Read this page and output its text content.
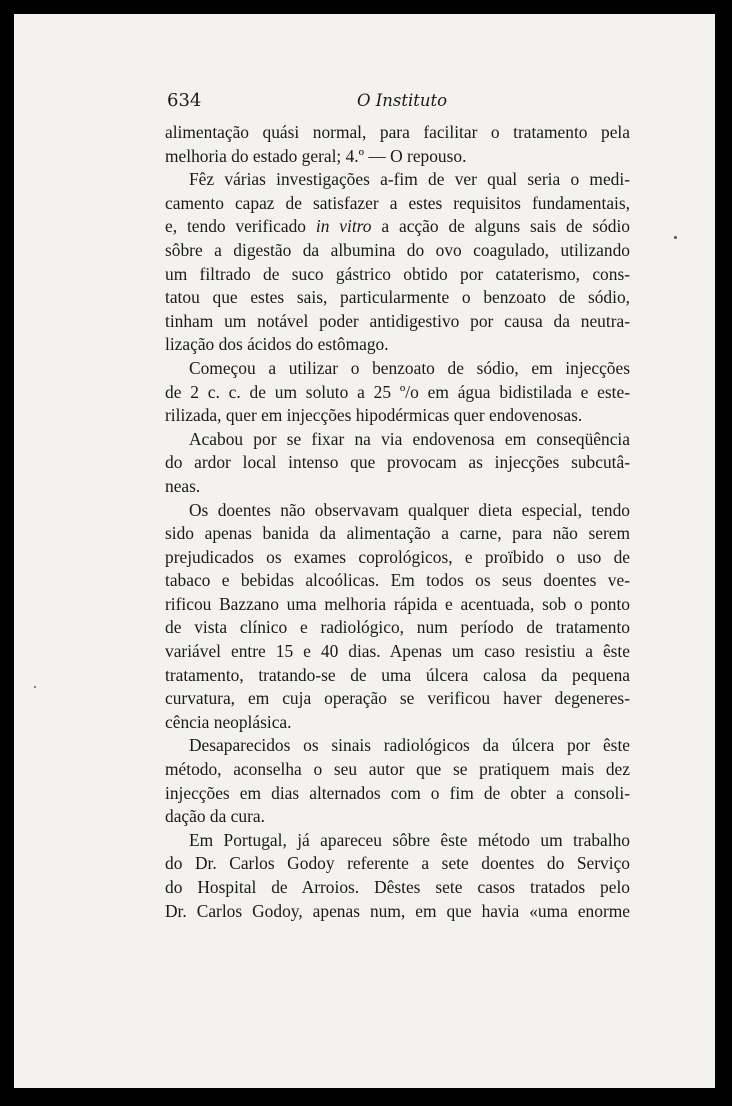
634	O Instituto
alimentação quási normal, para facilitar o tratamento pela
melhoria do estado geral; 4.º — O repouso.
Fêz várias investigações a-fim de ver qual seria o medi-
camento capaz de satisfazer a estes requisitos fundamentais,
e, tendo verificado in vitro a acção de alguns sais de sódio
sôbre a digestão da albumina do ovo coagulado, utilizando
um filtrado de suco gástrico obtido por cataterismo, cons-
tatou que estes sais, particularmente o benzoato de sódio,
tinham um notável poder antidigestivo por causa da neutra-
lização dos ácidos do estômago.
Começou a utilizar o benzoato de sódio, em injecções
de 2 c. c. de um soluto a 25 º/o em água bidistilada e este-
rilizada, quer em injecções hipodérmicas quer endovenosas.
Acabou por se fixar na via endovenosa em conseqüência
do ardor local intenso que provocam as injecções subcutâ-
neas.
Os doentes não observavam qualquer dieta especial, tendo
sido apenas banida da alimentação a carne, para não serem
prejudicados os exames coprológicos, e proïbido o uso de
tabaco e bebidas alcoólicas. Em todos os seus doentes ve-
rificou Bazzano uma melhoria rápida e acentuada, sob o ponto
de vista clínico e radiológico, num período de tratamento
variável entre 15 e 40 dias. Apenas um caso resistiu a êste
tratamento, tratando-se de uma úlcera calosa da pequena
curvatura, em cuja operação se verificou haver degeneres-
cência neoplásica.
Desaparecidos os sinais radiológicos da úlcera por êste
método, aconselha o seu autor que se pratiquem mais dez
injecções em dias alternados com o fim de obter a consoli-
dação da cura.
Em Portugal, já apareceu sôbre êste método um trabalho
do Dr. Carlos Godoy referente a sete doentes do Serviço
do Hospital de Arroios. Dêstes sete casos tratados pelo
Dr. Carlos Godoy, apenas num, em que havia «uma enorme
